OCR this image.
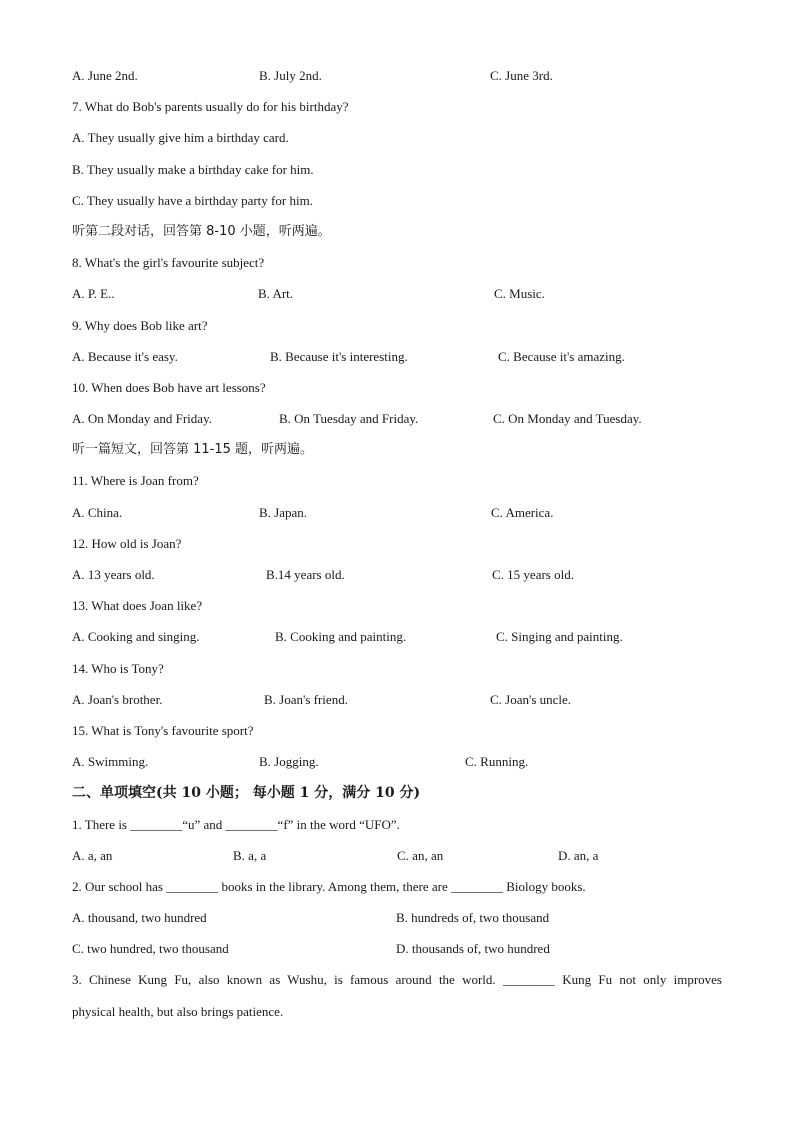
A. June 2nd.	B. July 2nd.	C. June 3rd.
7. What do Bob's parents usually do for his birthday?
A. They usually give him a birthday card.
B. They usually make a birthday cake for him.
C. They usually have a birthday party for him.
听第二段对话，回答第 8-10 小题，听两遍。
8. What's the girl's favourite subject?
A. P. E..	B. Art.	C. Music.
9. Why does Bob like art?
A. Because it's easy.	B. Because it's interesting.	C. Because it's amazing.
10. When does Bob have art lessons?
A. On Monday and Friday.	B. On Tuesday and Friday.	C. On Monday and Tuesday.
听一篇短文，回答第 11-15 题，听两遍。
11. Where is Joan from?
A. China.	B. Japan.	C. America.
12. How old is Joan?
A. 13 years old.	B.14 years old.	C. 15 years old.
13. What does Joan like?
A. Cooking and singing.	B. Cooking and painting.	C. Singing and painting.
14. Who is Tony?
A. Joan's brother.	B. Joan's friend.	C. Joan's uncle.
15. What is Tony's favourite sport?
A. Swimming.	B. Jogging.	C. Running.
二、单项填空(共 10 小题； 每小题 1 分，满分 10 分)
1. There is ________“u” and ________“f” in the word “UFO”.
A. a, an	B. a, a	C. an, an	D. an, a
2. Our school has ________ books in the library. Among them, there are ________ Biology books.
A. thousand, two hundred	B. hundreds of, two thousand
C. two hundred, two thousand	D. thousands of, two hundred
3. Chinese Kung Fu, also known as Wushu, is famous around the world. ________ Kung Fu not only improves
physical health, but also brings patience.
